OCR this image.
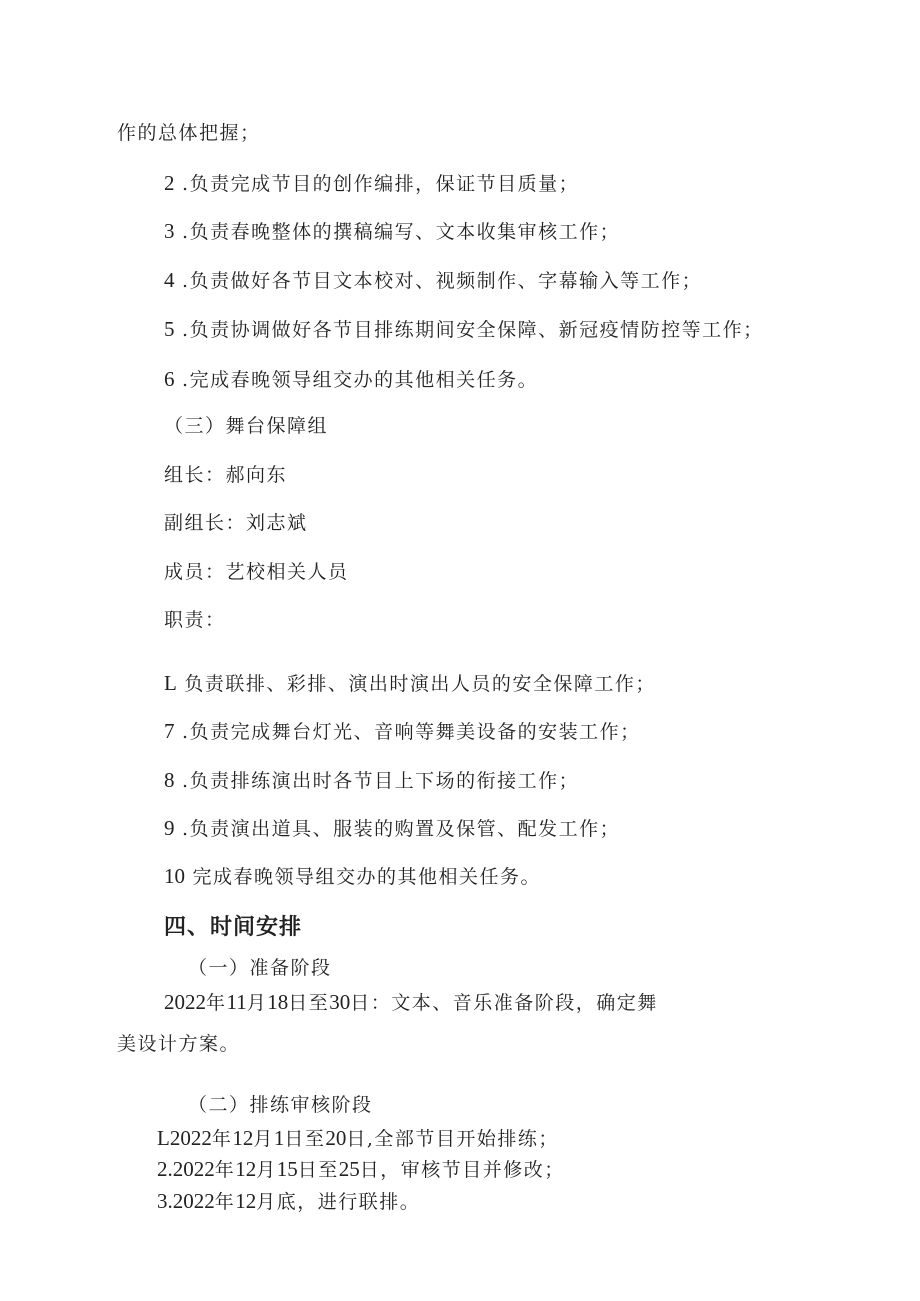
作的总体把握；
2 .负责完成节目的创作编排，保证节目质量；
3 .负责春晚整体的撰稿编写、文本收集审核工作；
4 .负责做好各节目文本校对、视频制作、字幕输入等工作；
5 .负责协调做好各节目排练期间安全保障、新冠疫情防控等工作；
6 .完成春晚领导组交办的其他相关任务。
（三）舞台保障组
组长：郝向东
副组长：刘志斌
成员：艺校相关人员
职责：
L 负责联排、彩排、演出时演出人员的安全保障工作；
7 .负责完成舞台灯光、音响等舞美设备的安装工作；
8 .负责排练演出时各节目上下场的衔接工作；
9 .负责演出道具、服装的购置及保管、配发工作；
10 完成春晚领导组交办的其他相关任务。
四、时间安排
（一）准备阶段
2022年11月18日至30日：文本、音乐准备阶段，确定舞
美设计方案。
（二）排练审核阶段
L2022年12月1日至20日,全部节目开始排练；
2.2022年12月15日至25日，审核节目并修改；
3.2022年12月底，进行联排。
